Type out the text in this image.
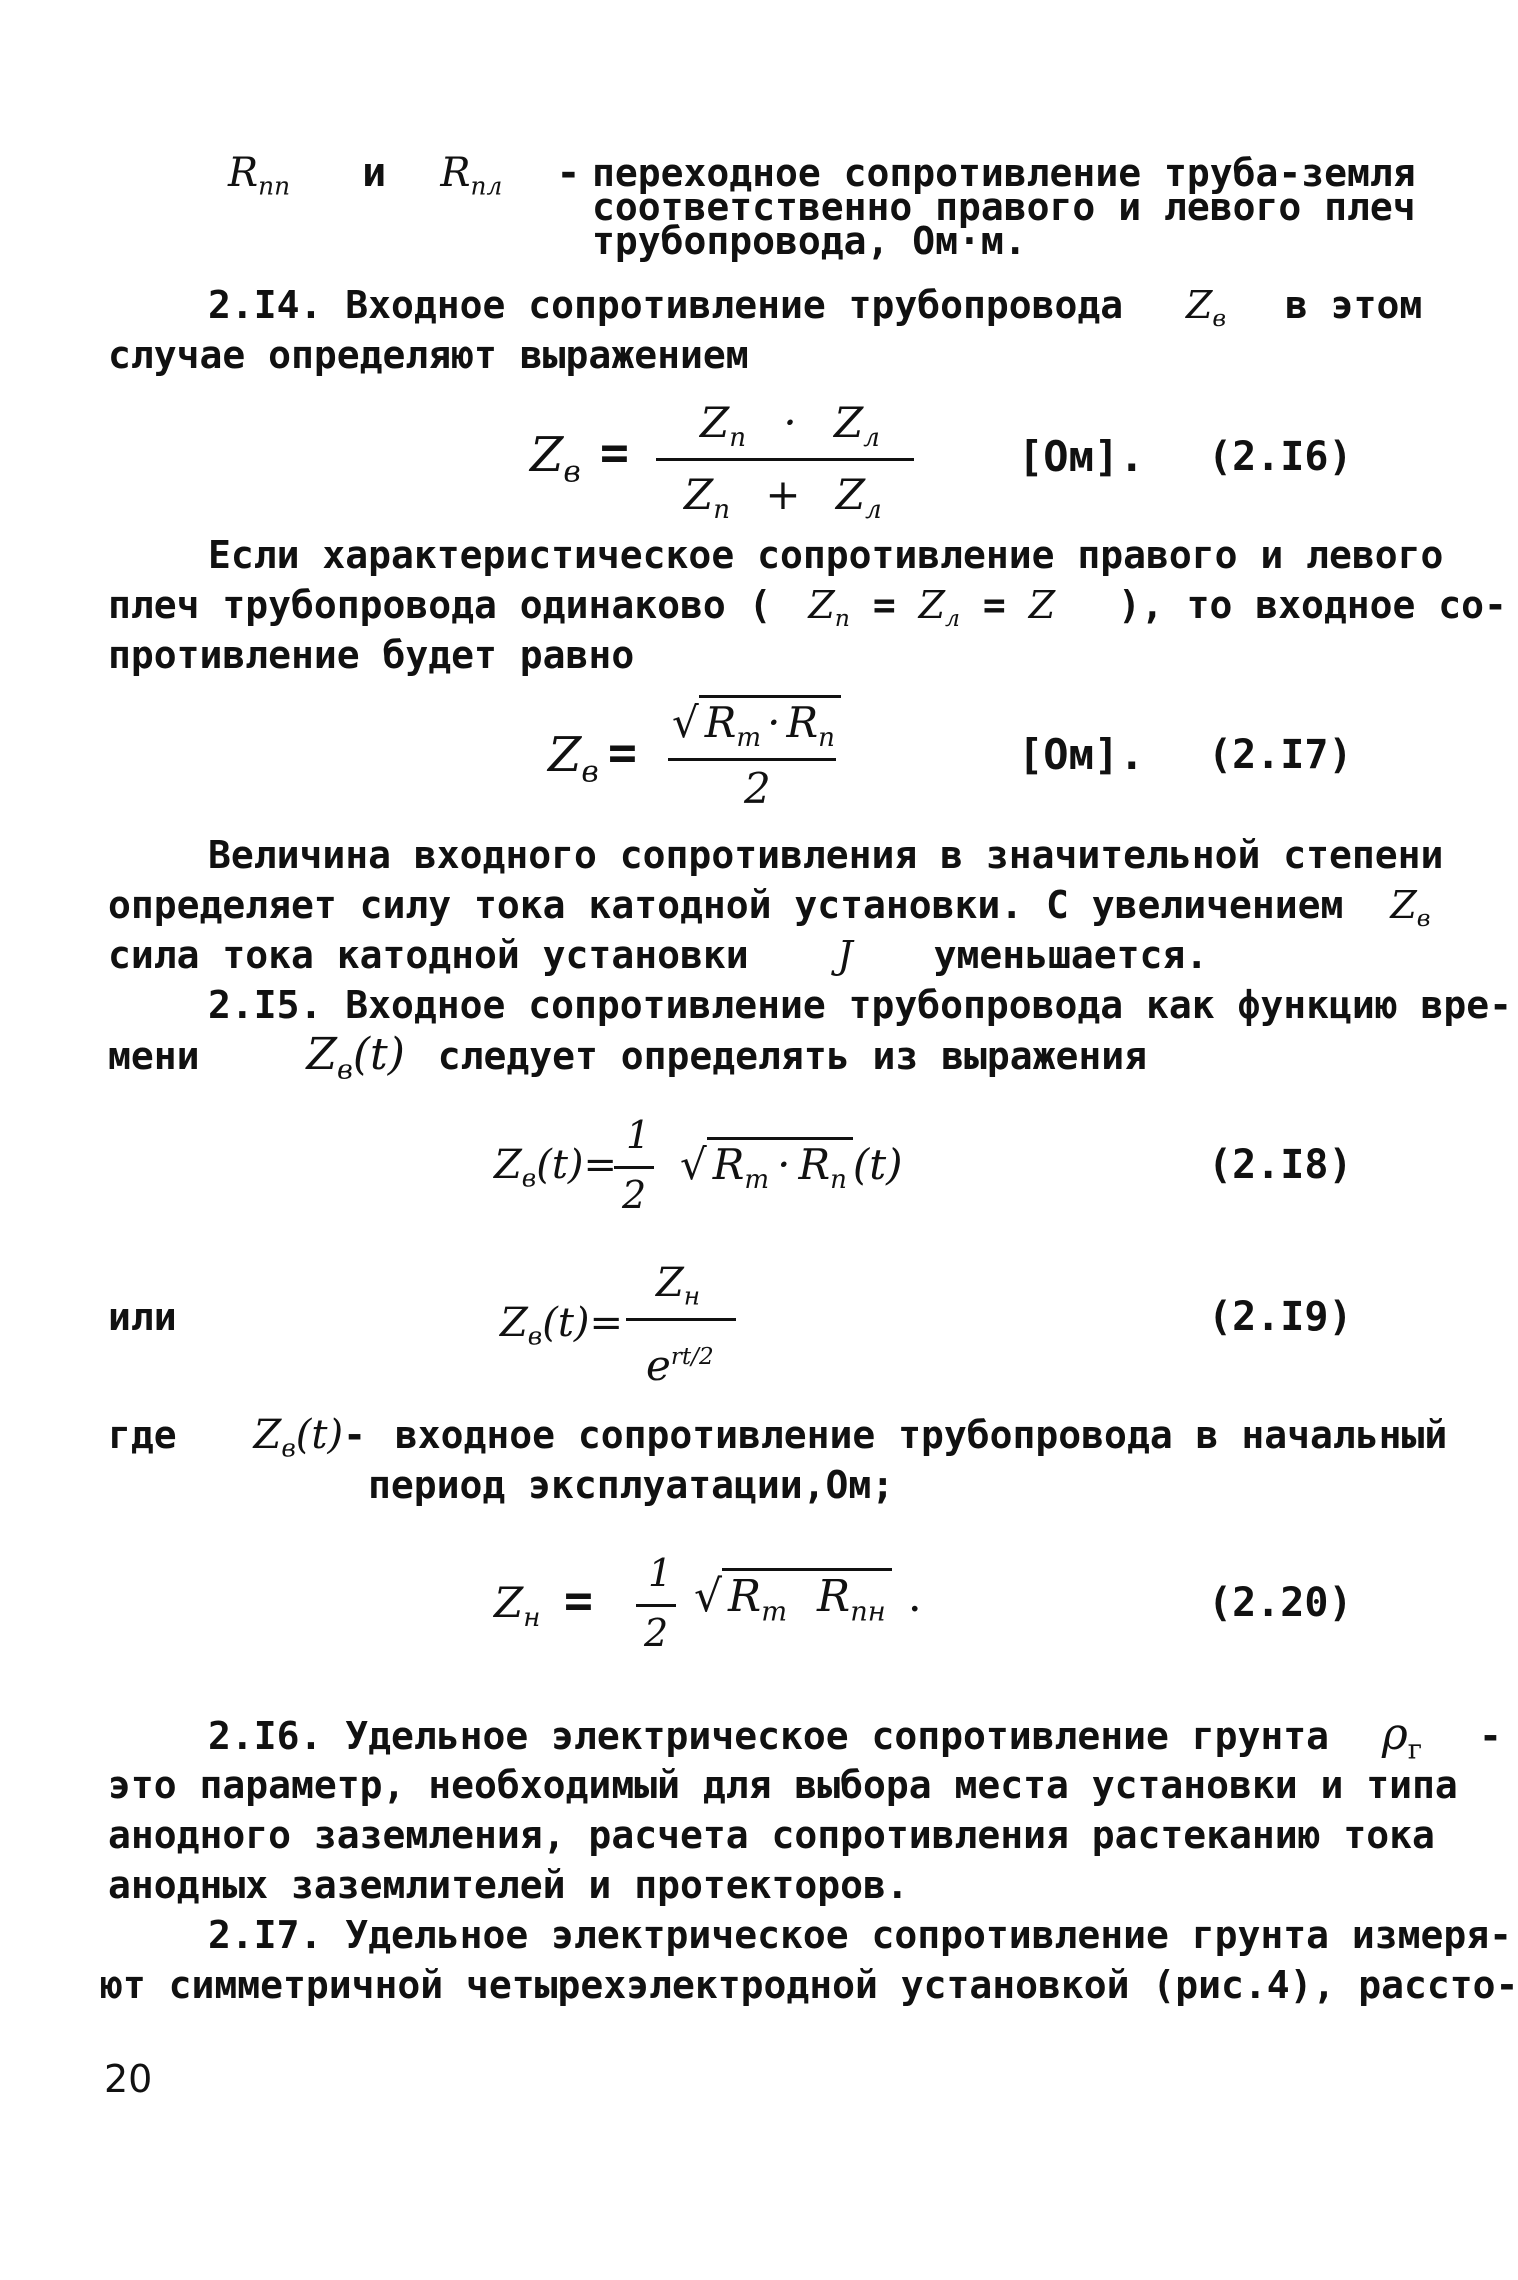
$R_{пп}$ и $R_{пл}$ - переходное сопротивление труба-земля
соответственно правого и левого плеч
трубопровода, Ом·м.
2.I4. Входное сопротивление трубопровода $Z_в$ в этом
случае определяют выражением
$Z_в$ =
$Z_п \cdot Z_л$
$Z_п + Z_л$
[Ом]. (2.I6)
Если характеристическое сопротивление правого и левого
плеч трубопровода одинаково ( $Z_п = Z_л = Z$ ), то входное со-
противление будет равно
$Z_в$ =
√ $R_т \cdot R_п$
2
[Ом]. (2.I7)
Величина входного сопротивления в значительной степени
определяет силу тока катодной установки. С увеличением $Z_в$
сила тока катодной установки J уменьшается.
2.I5. Входное сопротивление трубопровода как функцию вре-
мени $Z_в(t)$ следует определять из выражения
$Z_в(t)=$
1
2
√ $R_т \cdot R_п$ (t)	(2.I8)
или	$Z_в(t)=$
$Z_н$
$e^{rt/2}$
(2.I9)
где $Z_в(t)-$ входное сопротивление трубопровода в начальный
период эксплуатации,Ом;
$Z_н = 1$
2
√ $R_т$ $R_{пн}$ .	(2.20)
2.I6. Удельное электрическое сопротивление грунта $\rho_г$ -
это параметр, необходимый для выбора места установки и типа
анодного заземления, расчета сопротивления растеканию тока
анодных заземлителей и протекторов.
2.I7. Удельное электрическое сопротивление грунта измеря-
ют симметричной четырехэлектродной установкой (рис.4), рассто-
20
